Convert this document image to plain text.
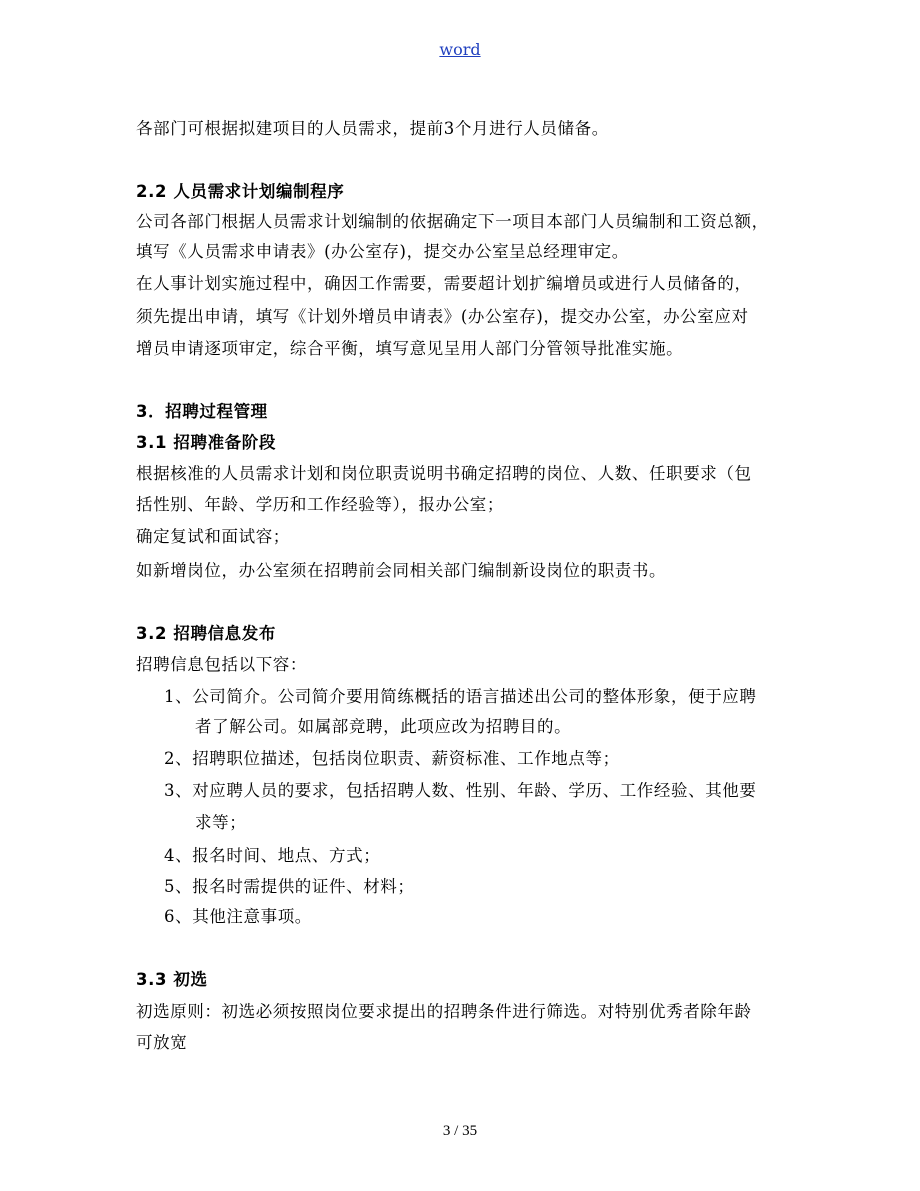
word
各部门可根据拟建项目的人员需求，提前3个月进行人员储备。
2.2 人员需求计划编制程序
公司各部门根据人员需求计划编制的依据确定下一项目本部门人员编制和工资总额，
填写《人员需求申请表》(办公室存)，提交办公室呈总经理审定。
在人事计划实施过程中，确因工作需要，需要超计划扩编增员或进行人员储备的，
须先提出申请，填写《计划外增员申请表》(办公室存)，提交办公室，办公室应对
增员申请逐项审定，综合平衡，填写意见呈用人部门分管领导批准实施。
3．招聘过程管理
3.1 招聘准备阶段
根据核准的人员需求计划和岗位职责说明书确定招聘的岗位、人数、任职要求（包
括性别、年龄、学历和工作经验等），报办公室；
确定复试和面试容；
如新增岗位，办公室须在招聘前会同相关部门编制新设岗位的职责书。
3.2 招聘信息发布
招聘信息包括以下容：
1、公司简介。公司简介要用简练概括的语言描述出公司的整体形象，便于应聘
者了解公司。如属部竞聘，此项应改为招聘目的。
2、招聘职位描述，包括岗位职责、薪资标准、工作地点等；
3、对应聘人员的要求，包括招聘人数、性别、年龄、学历、工作经验、其他要
求等；
4、报名时间、地点、方式；
5、报名时需提供的证件、材料；
6、其他注意事项。
3.3 初选
初选原则：初选必须按照岗位要求提出的招聘条件进行筛选。对特别优秀者除年龄
可放宽
3 / 35
